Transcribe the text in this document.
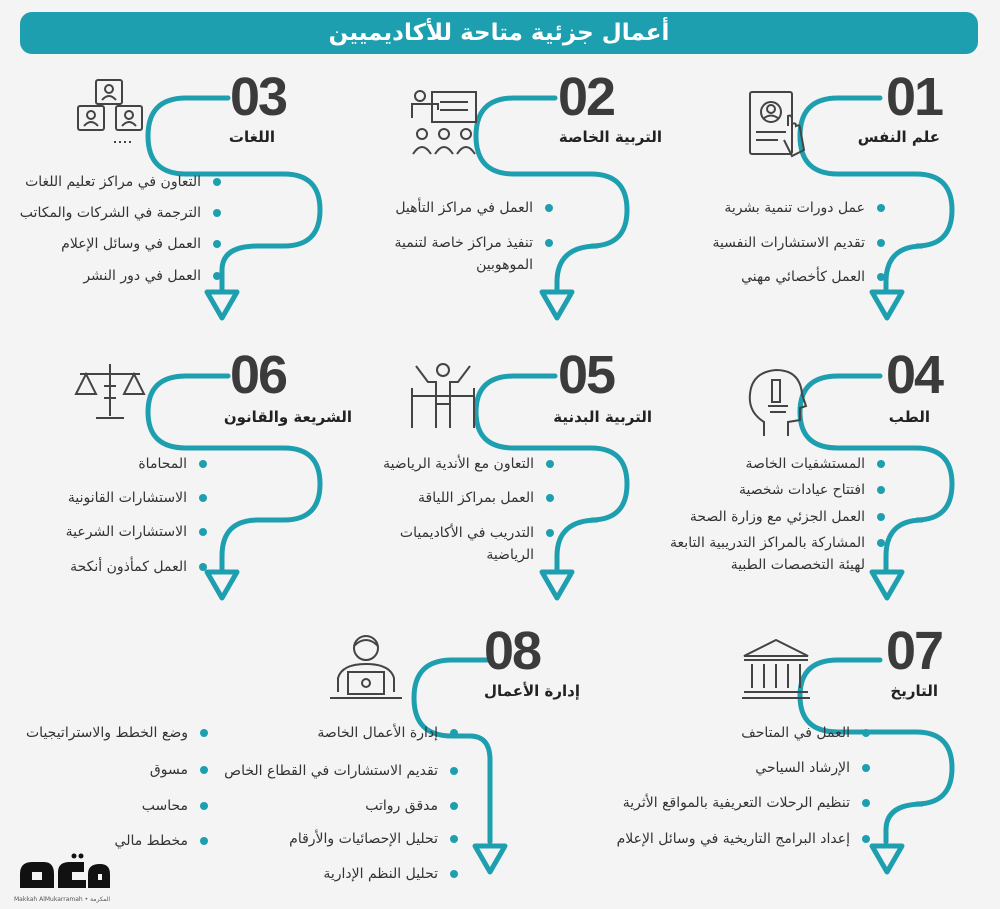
أعمال جزئية متاحة للأكاديميين
01
علم النفس
عمل دورات تنمية بشرية
تقديم الاستشارات النفسية
العمل كأخصائي مهني
02
التربية الخاصة
العمل في مراكز التأهيل
تنفيذ مراكز خاصة لتنمية الموهوبين
03
اللغات
التعاون في مراكز تعليم اللغات
الترجمة في الشركات والمكاتب
العمل في وسائل الإعلام
العمل في دور النشر
04
الطب
المستشفيات الخاصة
افتتاح عيادات شخصية
العمل الجزئي مع وزارة الصحة
المشاركة بالمراكز التدريبية التابعة لهيئة التخصصات الطبية
05
التربية البدنية
التعاون مع الأندية الرياضية
العمل بمراكز اللياقة
التدريب في الأكاديميات الرياضية
06
الشريعة والقانون
المحاماة
الاستشارات القانونية
الاستشارات الشرعية
العمل كمأذون أنكحة
07
التاريخ
العمل في المتاحف
الإرشاد السياحي
تنظيم الرحلات التعريفية بالمواقع الأثرية
إعداد البرامج التاريخية في وسائل الإعلام
08
إدارة الأعمال
إدارة الأعمال الخاصة
تقديم الاستشارات في القطاع الخاص
مدقق رواتب
تحليل الإحصائيات والأرقام
تحليل النظم الإدارية
وضع الخطط والاستراتيجيات
مسوق
محاسب
مخطط مالي
Makkah AlMukarramah • المكرمة
